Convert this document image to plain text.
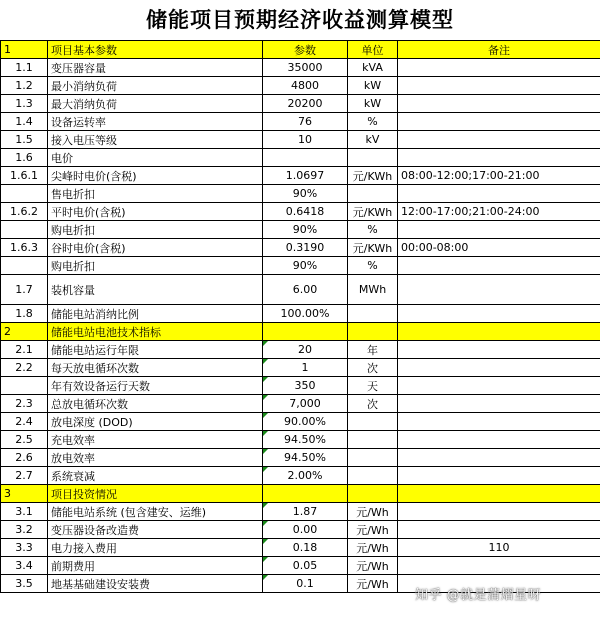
储能项目预期经济收益测算模型
1	项目基本参数	参数	单位	备注
1.1	变压器容量	35000	kVA	
1.2	最小消纳负荷	4800	kW	
1.3	最大消纳负荷	20200	kW	
1.4	设备运转率	76	%	
1.5	接入电压等级	10	kV	
1.6	电价			
1.6.1	尖峰时电价(含税)	1.0697	元/KWh	08:00-12:00;17:00-21:00
	售电折扣	90%		
1.6.2	平时电价(含税)	0.6418	元/KWh	12:00-17:00;21:00-24:00
	购电折扣	90%	%	
1.6.3	谷时电价(含税)	0.3190	元/KWh	00:00-08:00
	购电折扣	90%	%	
1.7	装机容量	6.00	MWh	
1.8	储能电站消纳比例	100.00%		
2	储能电站电池技术指标			
2.1	储能电站运行年限	20	年	
2.2	每天放电循环次数	1	次	
	年有效设备运行天数	350	天	
2.3	总放电循环次数	7,000	次	
2.4	放电深度 (DOD)	90.00%		
2.5	充电效率	94.50%		
2.6	放电效率	94.50%		
2.7	系统衰减	2.00%		
3	项目投资情况			
3.1	储能电站系统 (包含建安、运维)	1.87	元/Wh	
3.2	变压器设备改造费	0.00	元/Wh	
3.3	电力接入费用	0.18	元/Wh	110
3.4	前期费用	0.05	元/Wh	
3.5	地基基础建设安装费	0.1	元/Wh	
知乎 @就是蒲熠星呀
